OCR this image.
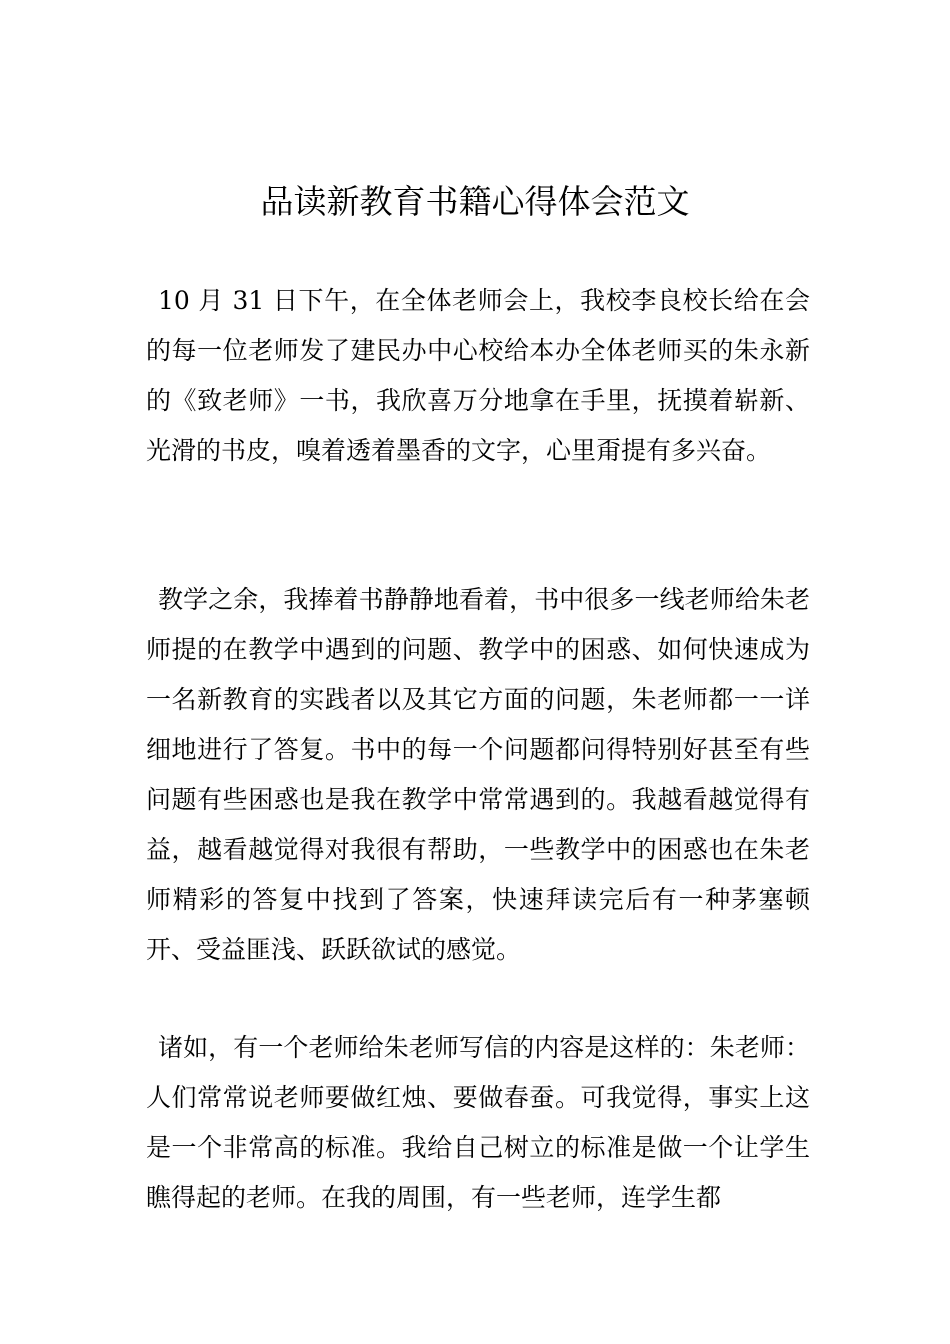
品读新教育书籍心得体会范文

10 月 31 日下午，在全体老师会上，我校李良校长给在会的每一位老师发了建民办中心校给本办全体老师买的朱永新的《致老师》一书，我欣喜万分地拿在手里，抚摸着崭新、光滑的书皮，嗅着透着墨香的文字，心里甭提有多兴奋。

教学之余，我捧着书静静地看着，书中很多一线老师给朱老师提的在教学中遇到的问题、教学中的困惑、如何快速成为一名新教育的实践者以及其它方面的问题，朱老师都一一详细地进行了答复。书中的每一个问题都问得特别好甚至有些问题有些困惑也是我在教学中常常遇到的。我越看越觉得有益，越看越觉得对我很有帮助，一些教学中的困惑也在朱老师精彩的答复中找到了答案，快速拜读完后有一种茅塞顿开、受益匪浅、跃跃欲试的感觉。

诸如，有一个老师给朱老师写信的内容是这样的：朱老师：人们常常说老师要做红烛、要做春蚕。可我觉得，事实上这是一个非常高的标准。我给自己树立的标准是做一个让学生瞧得起的老师。在我的周围，有一些老师，连学生都
